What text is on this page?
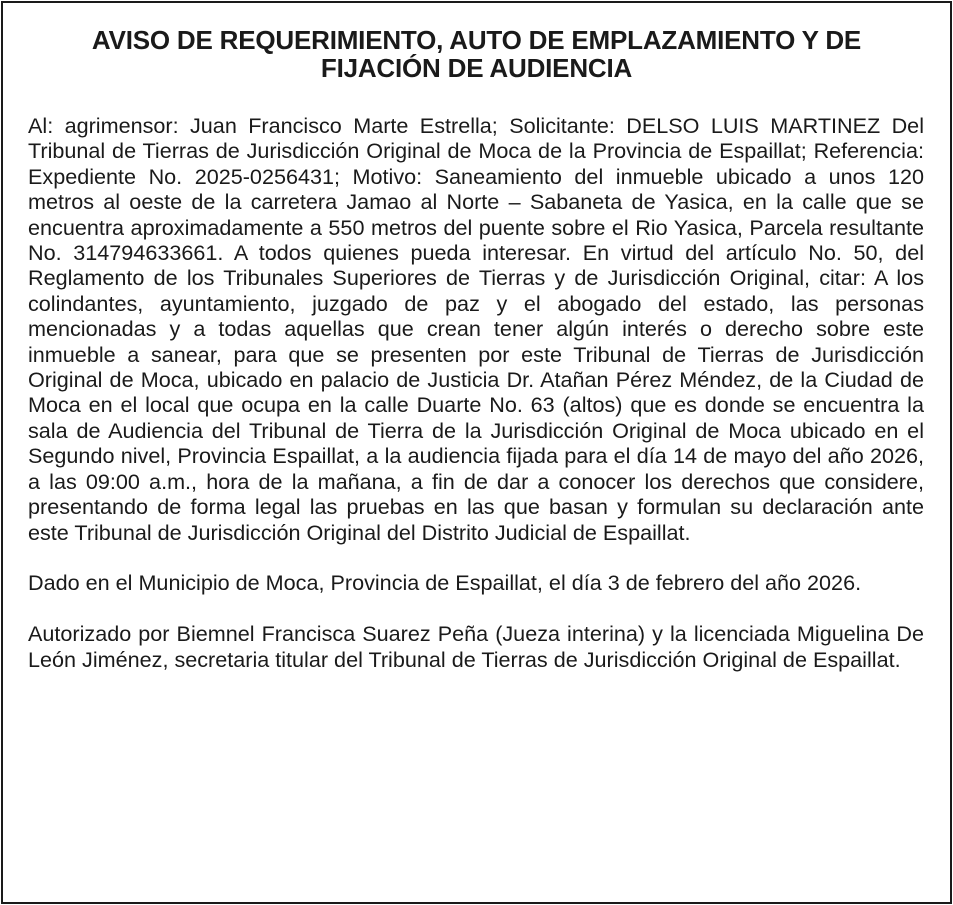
AVISO DE REQUERIMIENTO, AUTO DE EMPLAZAMIENTO Y DE
FIJACIÓN DE AUDIENCIA

Al: agrimensor: Juan Francisco Marte Estrella; Solicitante: DELSO LUIS MARTINEZ Del Tribunal de Tierras de Jurisdicción Original de Moca de la Provincia de Espaillat; Referencia: Expediente No. 2025-0256431; Motivo: Saneamiento del inmueble ubicado a unos 120 metros al oeste de la carretera Jamao al Norte – Sabaneta de Yasica, en la calle que se encuentra aproximadamente a 550 metros del puente sobre el Rio Yasica, Parcela resultante No. 314794633661. A todos quienes pueda interesar. En virtud del artículo No. 50, del Reglamento de los Tribunales Superiores de Tierras y de Jurisdicción Original, citar: A los colindantes, ayuntamiento, juzgado de paz y el abogado del estado, las personas mencionadas y a todas aquellas que crean tener algún interés o derecho sobre este inmueble a sanear, para que se presenten por este Tribunal de Tierras de Jurisdicción Original de Moca, ubicado en palacio de Justicia Dr. Atañan Pérez Méndez, de la Ciudad de Moca en el local que ocupa en la calle Duarte No. 63 (altos) que es donde se encuentra la sala de Audiencia del Tribunal de Tierra de la Jurisdicción Original de Moca ubicado en el Segundo nivel, Provincia Espaillat, a la audiencia fijada para el día 14 de mayo del año 2026, a las 09:00 a.m., hora de la mañana, a fin de dar a conocer los derechos que considere, presentando de forma legal las pruebas en las que basan y formulan su declaración ante este Tribunal de Jurisdicción Original del Distrito Judicial de Espaillat.

Dado en el Municipio de Moca, Provincia de Espaillat, el día 3 de febrero del año 2026.

Autorizado por Biemnel Francisca Suarez Peña (Jueza interina) y la licenciada Miguelina De León Jiménez, secretaria titular del Tribunal de Tierras de Jurisdicción Original de Espaillat.
